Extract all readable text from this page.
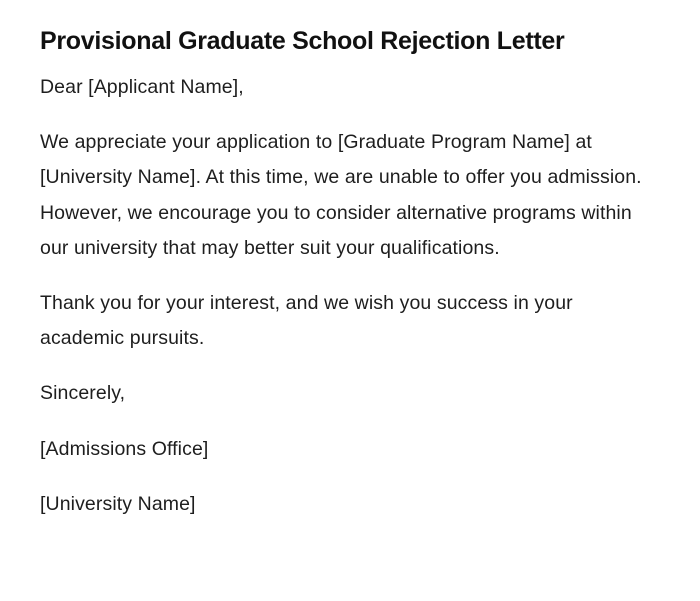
Provisional Graduate School Rejection Letter

Dear [Applicant Name],

We appreciate your application to [Graduate Program Name] at [University Name]. At this time, we are unable to offer you admission. However, we encourage you to consider alternative programs within our university that may better suit your qualifications.

Thank you for your interest, and we wish you success in your academic pursuits.

Sincerely,

[Admissions Office]

[University Name]
